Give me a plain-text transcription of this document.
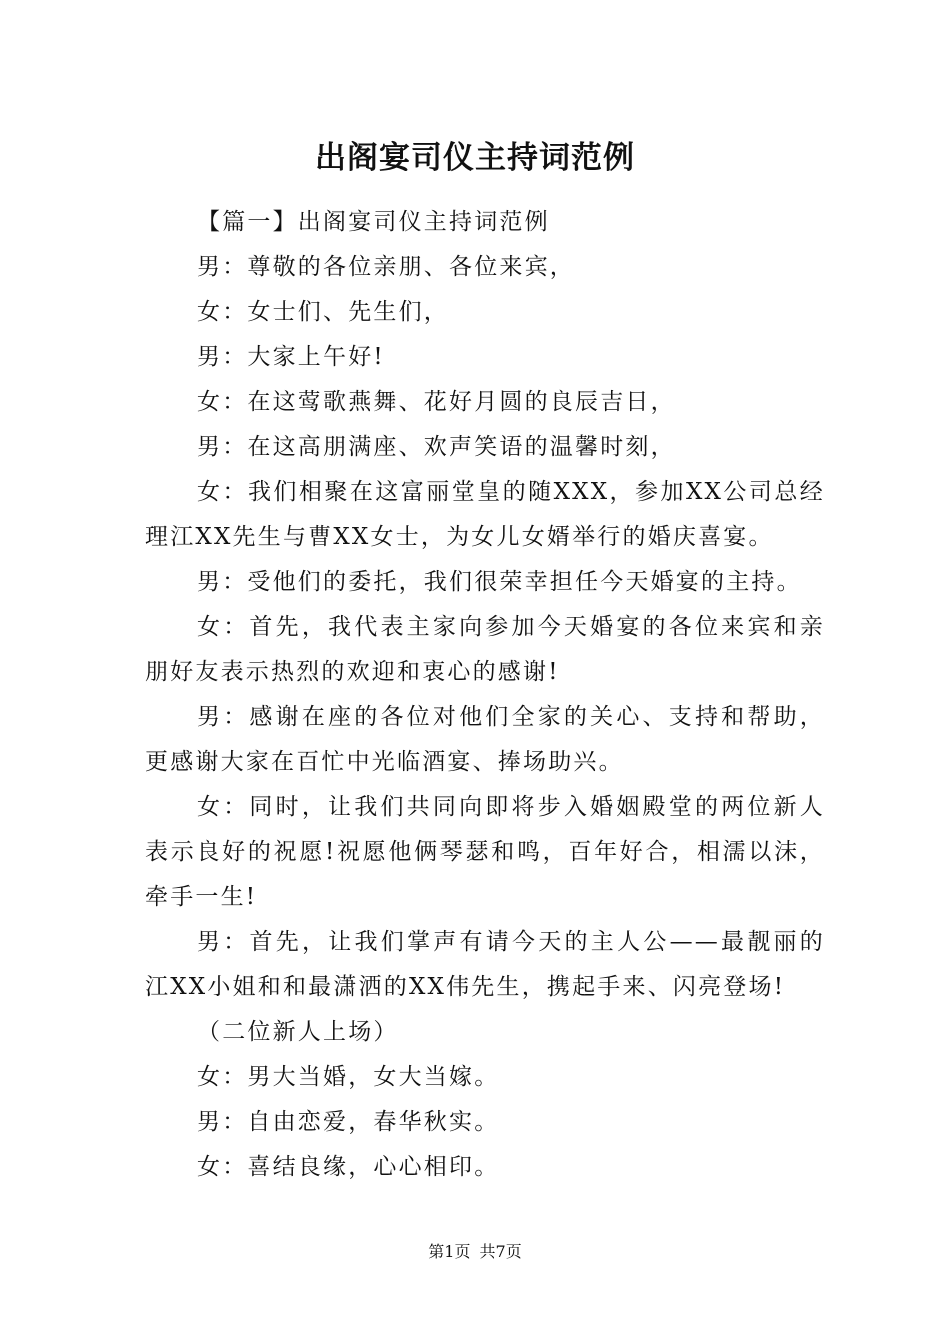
出阁宴司仪主持词范例

【篇一】出阁宴司仪主持词范例

男：尊敬的各位亲朋、各位来宾，

女：女士们、先生们，

男：大家上午好!

女：在这莺歌燕舞、花好月圆的良辰吉日，

男：在这高朋满座、欢声笑语的温馨时刻，

女：我们相聚在这富丽堂皇的随XXX，参加XX公司总经理江XX先生与曹XX女士，为女儿女婿举行的婚庆喜宴。

男：受他们的委托，我们很荣幸担任今天婚宴的主持。

女：首先，我代表主家向参加今天婚宴的各位来宾和亲朋好友表示热烈的欢迎和衷心的感谢!

男：感谢在座的各位对他们全家的关心、支持和帮助，更感谢大家在百忙中光临酒宴、捧场助兴。

女：同时，让我们共同向即将步入婚姻殿堂的两位新人表示良好的祝愿!祝愿他俩琴瑟和鸣，百年好合，相濡以沫，牵手一生!

男：首先，让我们掌声有请今天的主人公——最靓丽的江XX小姐和和最潇洒的XX伟先生，携起手来、闪亮登场!

（二位新人上场）

女：男大当婚，女大当嫁。

男：自由恋爱，春华秋实。

女：喜结良缘，心心相印。

第1页 共7页
